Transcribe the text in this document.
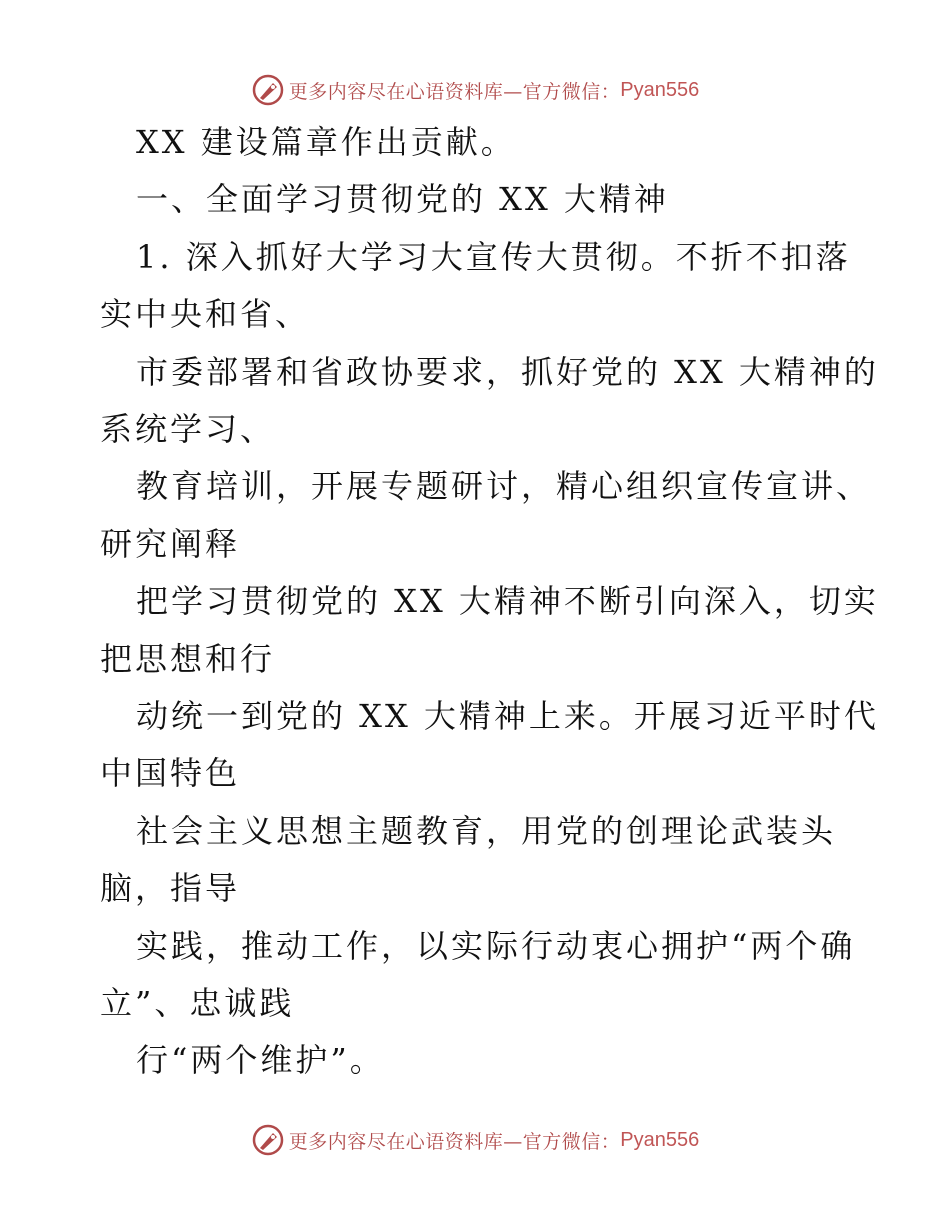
更多内容尽在心语资料库—官方微信： Pyan556
XX 建设篇章作出贡献。
一、全面学习贯彻党的 XX 大精神
1. 深入抓好大学习大宣传大贯彻。不折不扣落
实中央和省、
市委部署和省政协要求，抓好党的 XX 大精神的
系统学习、
教育培训，开展专题研讨，精心组织宣传宣讲、
研究阐释
把学习贯彻党的 XX 大精神不断引向深入，切实
把思想和行
动统一到党的 XX 大精神上来。开展习近平时代
中国特色
社会主义思想主题教育，用党的创理论武装头
脑，指导
实践，推动工作，以实际行动衷心拥护“两个确
立”、忠诚践
行“两个维护”。
更多内容尽在心语资料库—官方微信： Pyan556
